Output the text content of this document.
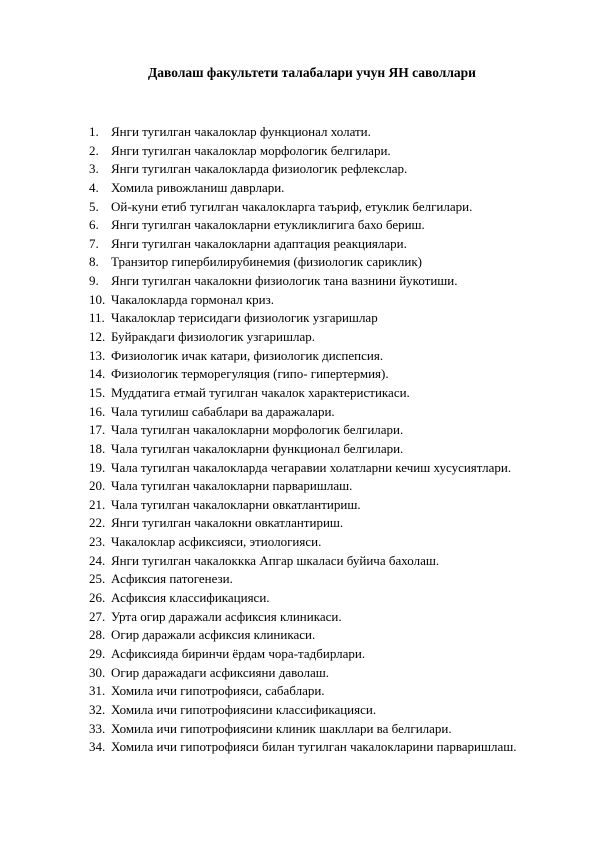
Даволаш факультети талабалари учун ЯН саволлари
1. Янги тугилган чакалоклар функционал холати.
2. Янги тугилган чакалоклар морфологик белгилари.
3. Янги тугилган чакалокларда физиологик рефлекслар.
4. Хомила ривожланиш даврлари.
5. Ой-куни етиб тугилган чакалокларга таъриф, етуклик белгилари.
6. Янги тугилган чакалокларни етукликлигига бахо бериш.
7. Янги тугилган чакалокларни адаптация реакциялари.
8. Транзитор гипербилирубинемия (физиологик сариклик)
9. Янги тугилган чакалокни физиологик тана вазнини йукотиши.
10. Чакалокларда гормонал криз.
11. Чакалоклар терисидаги физиологик узгаришлар
12. Буйракдаги физиологик узгаришлар.
13. Физиологик ичак катари, физиологик диспепсия.
14. Физиологик терморегуляция (гипо- гипертермия).
15. Муддатига етмай тугилган чакалок характеристикаси.
16. Чала тугилиш сабаблари ва даражалари.
17. Чала тугилган чакалокларни морфологик белгилари.
18. Чала тугилган чакалокларни функционал белгилари.
19. Чала тугилган чакалокларда чегаравии холатларни кечиш хусусиятлари.
20. Чала тугилган чакалокларни парваришлаш.
21. Чала тугилган чакалокларни овкатлантириш.
22. Янги тугилган чакалокни овкатлантириш.
23. Чакалоклар асфиксияси, этиологияси.
24. Янги тугилган чакалоккка Апгар шкаласи буйича бахолаш.
25. Асфиксия патогенези.
26. Асфиксия классификацияси.
27. Урта огир даражали асфиксия клиникаси.
28. Огир даражали асфиксия клиникаси.
29. Асфиксияда биринчи ёрдам чора-тадбирлари.
30. Огир даражадаги асфиксияни даволаш.
31. Хомила ичи гипотрофияси, сабаблари.
32. Хомила ичи гипотрофиясини классификацияси.
33. Хомила ичи гипотрофиясини клиник шакллари ва белгилари.
34. Хомила ичи гипотрофияси билан тугилган чакалокларини парваришлаш.
